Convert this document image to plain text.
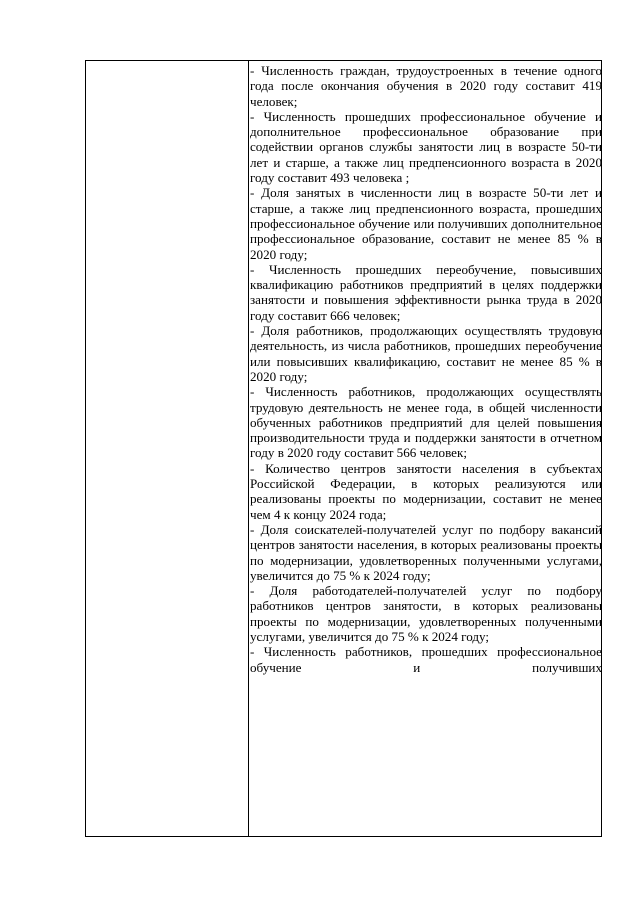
- Численность граждан, трудоустроенных в течение одного года после окончания обучения в 2020 году составит 419 человек;

- Численность прошедших профессиональное обучение и дополнительное профессиональное образование при содействии органов службы занятости лиц в возрасте 50-ти лет и старше, а также лиц предпенсионного возраста в 2020 году составит 493 человека ;

- Доля занятых в численности лиц в возрасте 50-ти лет и старше, а также лиц предпенсионного возраста, прошедших профессиональное обучение или получивших дополнительное профессиональное образование, составит не менее 85 % в 2020 году;

- Численность прошедших переобучение, повысивших квалификацию работников предприятий в целях поддержки занятости и повышения эффективности рынка труда в 2020 году составит 666 человек;

- Доля работников, продолжающих осуществлять трудовую деятельность, из числа работников, прошедших переобучение или повысивших квалификацию, составит не менее 85 % в 2020 году;

- Численность работников, продолжающих осуществлять трудовую деятельность не менее года, в общей численности обученных работников предприятий для целей повышения производительности труда и поддержки занятости в отчетном году в 2020 году составит 566 человек;

- Количество центров занятости населения в субъектах Российской Федерации, в которых реализуются или реализованы проекты по модернизации, составит не менее чем 4 к концу 2024 года;

- Доля соискателей-получателей услуг по подбору вакансий центров занятости населения, в которых реализованы проекты по модернизации, удовлетворенных полученными услугами, увеличится до 75 % к 2024 году;

- Доля работодателей-получателей услуг по подбору работников центров занятости, в которых реализованы проекты по модернизации, удовлетворенных полученными услугами, увеличится до 75 % к 2024 году;

- Численность работников, прошедших профессиональное обучение и получивших
